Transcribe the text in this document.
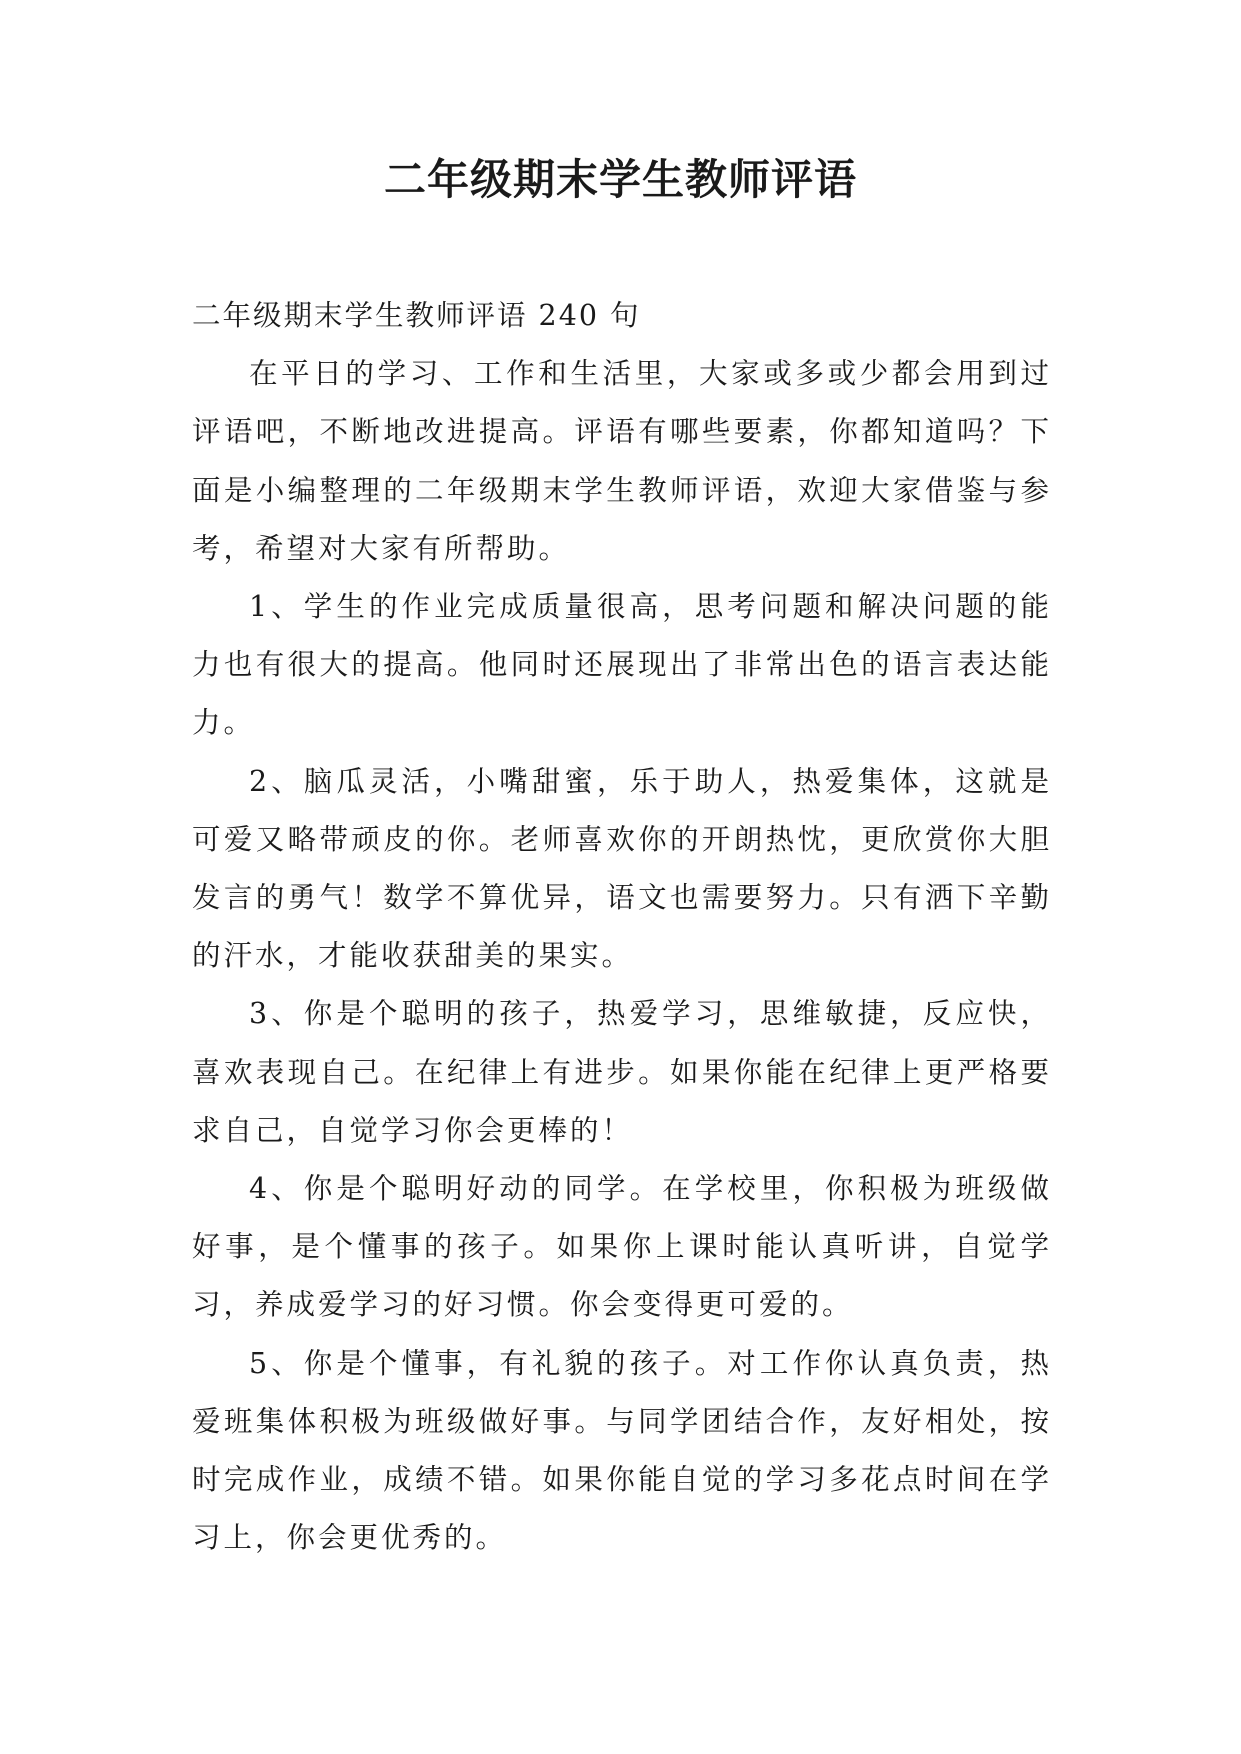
二年级期末学生教师评语

二年级期末学生教师评语 240 句

在平日的学习、工作和生活里，大家或多或少都会用到过评语吧，不断地改进提高。评语有哪些要素，你都知道吗？下面是小编整理的二年级期末学生教师评语，欢迎大家借鉴与参考，希望对大家有所帮助。

1、学生的作业完成质量很高，思考问题和解决问题的能力也有很大的提高。他同时还展现出了非常出色的语言表达能力。

2、脑瓜灵活，小嘴甜蜜，乐于助人，热爱集体，这就是可爱又略带顽皮的你。老师喜欢你的开朗热忱，更欣赏你大胆发言的勇气！数学不算优异，语文也需要努力。只有洒下辛勤的汗水，才能收获甜美的果实。

3、你是个聪明的孩子，热爱学习，思维敏捷，反应快，喜欢表现自己。在纪律上有进步。如果你能在纪律上更严格要求自己，自觉学习你会更棒的！

4、你是个聪明好动的同学。在学校里，你积极为班级做好事，是个懂事的孩子。如果你上课时能认真听讲，自觉学习，养成爱学习的好习惯。你会变得更可爱的。

5、你是个懂事，有礼貌的孩子。对工作你认真负责，热爱班集体积极为班级做好事。与同学团结合作，友好相处，按时完成作业，成绩不错。如果你能自觉的学习多花点时间在学习上，你会更优秀的。
